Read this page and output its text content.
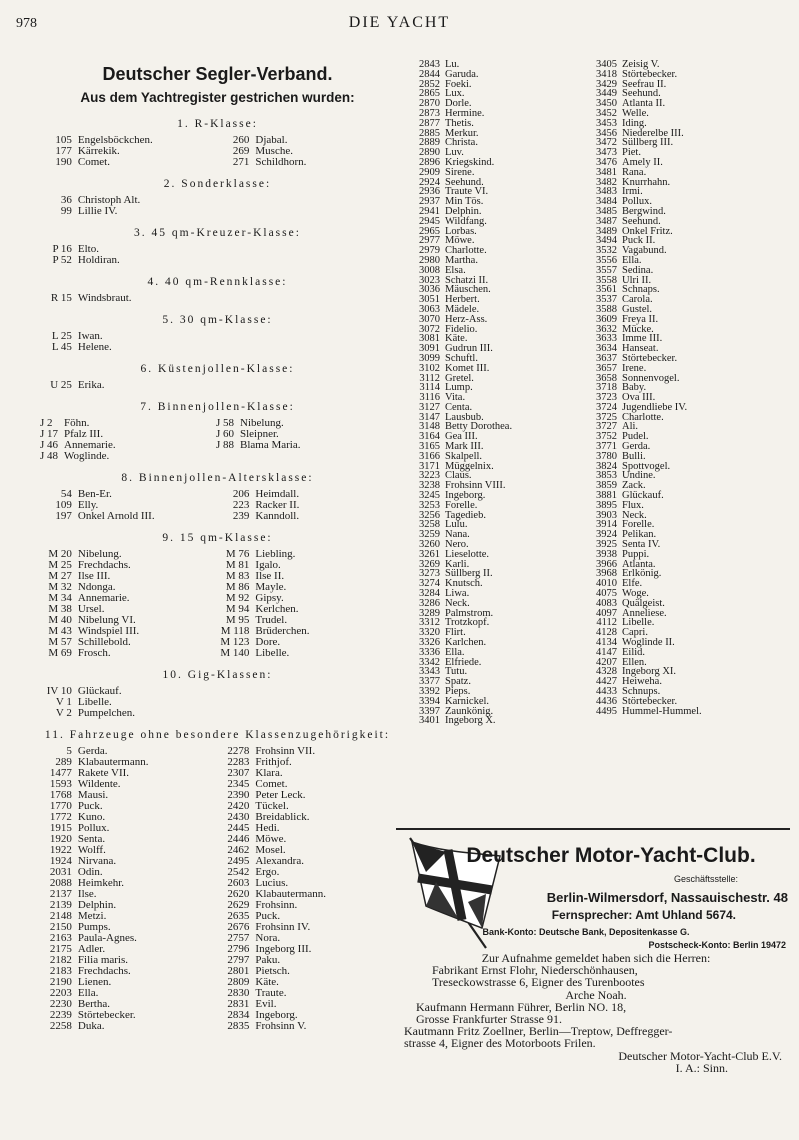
978	DIE YACHT
Deutscher Segler-Verband.
Aus dem Yachtregister gestrichen wurden:
1. R-Klasse:
105 Engelsböckchen.	260 Djabal.
177 Kärrekik.	269 Musche.
190 Comet.	271 Schildhorn.
2. Sonderklasse:
36 Christoph Alt.
99 Lillie IV.
3. 45 qm-Kreuzer-Klasse:
P 16 Elto.
P 52 Holdiran.
4. 40 qm-Rennklasse:
R 15 Windsbraut.
5. 30 qm-Klasse:
L 25 Iwan.
L 45 Helene.
6. Küstenjollen-Klasse:
U 25 Erika.
7. Binnenjollen-Klasse:
J 2	Föhn.	J 58 Nibelung.
J 17 Pfalz III.	J 60 Sleipner.
J 46 Annemarie.	J 88 Blama Maria.
J 48 Woglinde.
8. Binnenjollen-Altersklasse:
54 Ben-Er.	206 Heimdall.
109 Elly.	223 Racker II.
197 Onkel Arnold III.	239 Kanndoll.
9. 15 qm-Klasse:
M 20 Nibelung.	M 76 Liebling.
M 25 Frechdachs.	M 81 Igalo.
M 27 Ilse III.	M 83 Ilse II.
M 32 Ndonga.	M 86 Mayle.
M 34 Annemarie.	M 92 Gipsy.
M 38 Ursel.	M 94 Kerlchen.
M 40 Nibelung VI.	M 95 Trudel.
M 43 Windspiel III.	M 118 Brüderchen.
M 57 Schillebold.	M 123 Dore.
M 69 Frosch.	M 140 Libelle.
10. Gig-Klassen:
IV 10 Glückauf.
V 1 Libelle.
V 2 Pumpelchen.
11. Fahrzeuge ohne besondere Klassenzugehörigkeit:
5 Gerda.	2278 Frohsinn VII.
289 Klabautermann.	2283 Frithjof.
1477 Rakete VII.	2307 Klara.
1593 Wildente.	2345 Comet.
1768 Mausi.	2390 Peter Leck.
1770 Puck.	2420 Tückel.
1772 Kuno.	2430 Breidablick.
1915 Pollux.	2445 Hedi.
1920 Senta.	2446 Möwe.
1922 Wolff.	2462 Mosel.
1924 Nirvana.	2495 Alexandra.
2031 Odin.	2542 Ergo.
2088 Heimkehr.	2603 Lucius.
2137 Ilse.	2620 Klabautermann.
2139 Delphin.	2629 Frohsinn.
2148 Metzi.	2635 Puck.
2150 Pumps.	2676 Frohsinn IV.
2163 Paula-Agnes.	2757 Nora.
2175 Adler.	2796 Ingeborg III.
2182 Filia maris.	2797 Paku.
2183 Frechdachs.	2801 Pietsch.
2190 Lienen.	2809 Käte.
2203 Ella.	2830 Traute.
2230 Bertha.	2831 Evil.
2239 Störtebecker.	2834 Ingeborg.
2258 Duka.	2835 Frohsinn V.
2843 Lu.	3405 Zeisig V.
2844 Garuda.	3418 Störtebecker.
2852 Foeki.	3429 Seefrau II.
2865 Lux.	3449 Seehund.
2870 Dorle.	3450 Atlanta II.
2873 Hermine.	3452 Welle.
2877 Thetis.	3453 Iding.
2885 Merkur.	3456 Niederelbe III.
2889 Christa.	3472 Süllberg III.
2890 Luv.	3473 Piet.
2896 Kriegskind.	3476 Amely II.
2909 Sirene.	3481 Rana.
2924 Seehund.	3482 Knurrhahn.
2936 Traute VI.	3483 Irmi.
2937 Min Tös.	3484 Pollux.
2941 Delphin.	3485 Bergwind.
2945 Wildfang.	3487 Seehund.
2965 Lorbas.	3489 Onkel Fritz.
2977 Möwe.	3494 Puck II.
2979 Charlotte.	3532 Vagabund.
2980 Martha.	3556 Ella.
3008 Elsa.	3557 Sedina.
3023 Schatzi II.	3558 Ulri II.
3036 Mäuschen.	3561 Schnaps.
3051 Herbert.	3537 Carola.
3063 Mädele.	3588 Gustel.
3070 Herz-Ass.	3609 Freya II.
3072 Fidelio.	3632 Mücke.
3081 Käte.	3633 Imme III.
3091 Gudrun III.	3634 Hanseat.
3099 Schuftl.	3637 Störtebecker.
3102 Komet III.	3657 Irene.
3112 Gretel.	3658 Sonnenvogel.
3114 Lump.	3718 Baby.
3116 Vita.	3723 Ova III.
3127 Centa.	3724 Jugendliebe IV.
3147 Lausbub.	3725 Charlotte.
3148 Betty Dorothea.	3727 Ali.
3164 Gea III.	3752 Pudel.
3165 Mark III.	3771 Gerda.
3166 Skalpell.	3780 Bulli.
3171 Müggelnix.	3824 Spottvogel.
3223 Claus.	3853 Undine.
3238 Frohsinn VIII.	3859 Zack.
3245 Ingeborg.	3881 Glückauf.
3253 Forelle.	3895 Flux.
3256 Tagedieb.	3903 Neck.
3258 Lulu.	3914 Forelle.
3259 Nana.	3924 Pelikan.
3260 Nero.	3925 Senta IV.
3261 Lieselotte.	3938 Puppi.
3269 Karli.	3966 Atlanta.
3273 Süllberg II.	3968 Erlkönig.
3274 Knutsch.	4010 Elfe.
3284 Liwa.	4075 Woge.
3286 Neck.	4083 Quälgeist.
3289 Palmstrom.	4097 Anneliese.
3312 Trotzkopf.	4112 Libelle.
3320 Flirt.	4128 Capri.
3326 Karlchen.	4134 Woglinde II.
3336 Ella.	4147 Eilid.
3342 Elfriede.	4207 Ellen.
3343 Tutu.	4328 Ingeborg XI.
3377 Spatz.	4427 Heiweha.
3392 Pieps.	4433 Schnups.
3394 Karnickel.	4436 Störtebecker.
3397 Zaunkönig.	4495 Hummel-Hummel.
3401 Ingeborg X.
Deutscher Motor-Yacht-Club.
Geschäftsstelle:
Berlin-Wilmersdorf, Nassauischestr. 48
Fernsprecher: Amt Uhland 5674.
Bank-Konto: Deutsche Bank, Depositenkasse G.
Postscheck-Konto: Berlin 19472
Zur Aufnahme gemeldet haben sich die Herren:
Fabrikant Ernst Flohr, Niederschönhausen,
Treseckowstrasse 6, Eigner des Turenbootes
Arche Noah.
Kaufmann Hermann Führer, Berlin NO. 18,
Grosse Frankfurter Strasse 91.
Kautmann Fritz Zoellner, Berlin—Treptow, Deffregger-
strasse 4, Eigner des Motorboots Frilen.
Deutscher Motor-Yacht-Club E.V.
I. A.: Sinn.
